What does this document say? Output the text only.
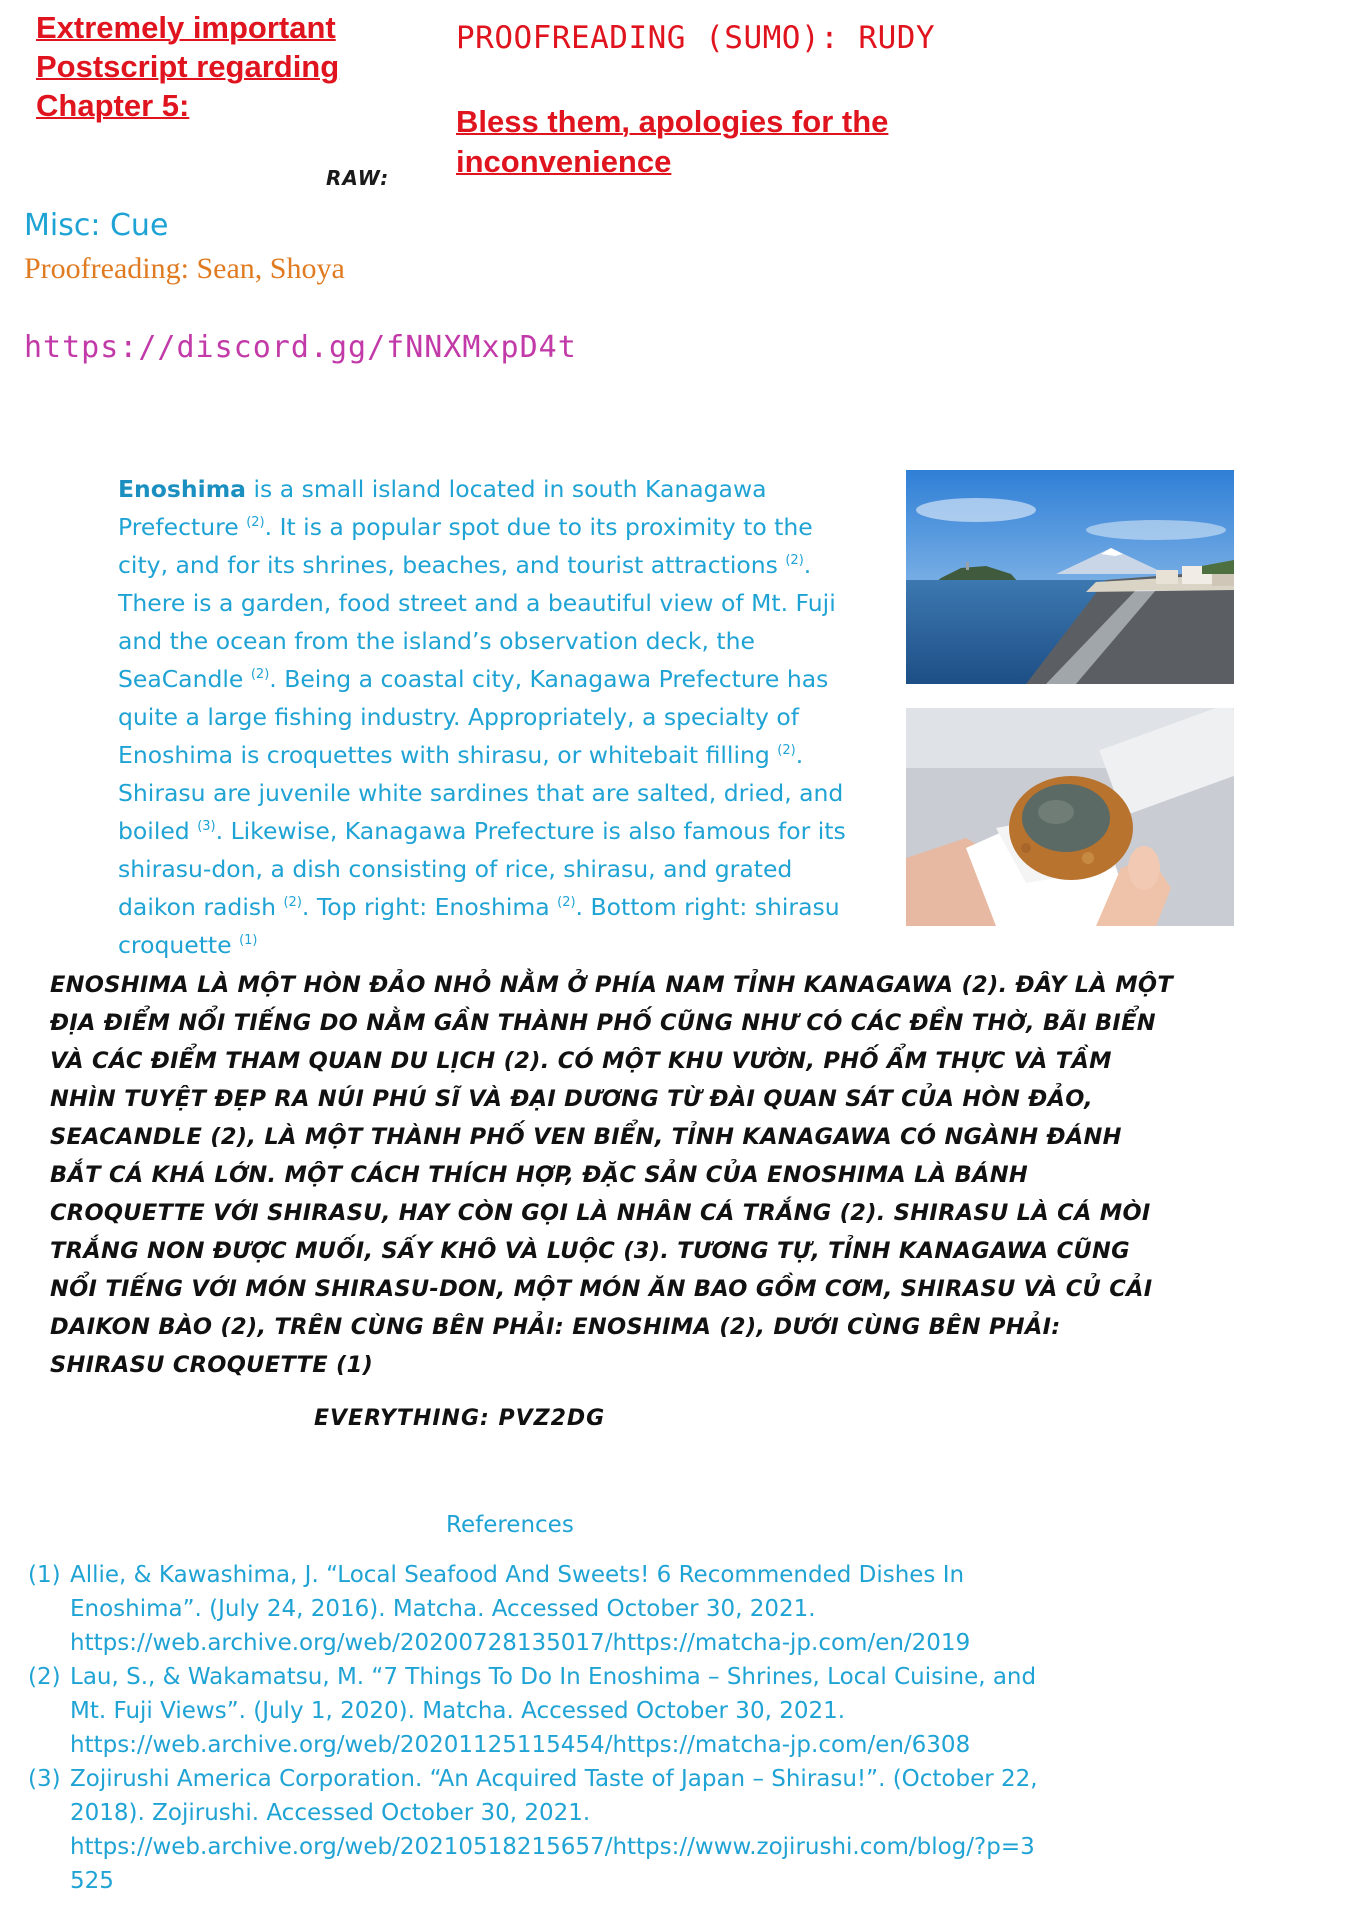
Extremely important Postscript regarding Chapter 5:
PROOFREADING (SUMO): RUDY
Bless them, apologies for the inconvenience
RAW:
Misc: Cue
Proofreading: Sean, Shoya
https://discord.gg/fNNXMxpD4t
Enoshima is a small island located in south Kanagawa Prefecture $^{(2)}$. It is a popular spot due to its proximity to the city, and for its shrines, beaches, and tourist attractions $^{(2)}$. There is a garden, food street and a beautiful view of Mt. Fuji and the ocean from the island’s observation deck, the SeaCandle $^{(2)}$. Being a coastal city, Kanagawa Prefecture has quite a large fishing industry. Appropriately, a specialty of Enoshima is croquettes with shirasu, or whitebait filling $^{(2)}$. Shirasu are juvenile white sardines that are salted, dried, and boiled $^{(3)}$. Likewise, Kanagawa Prefecture is also famous for its shirasu-don, a dish consisting of rice, shirasu, and grated daikon radish $^{(2)}$. Top right: Enoshima $^{(2)}$. Bottom right: shirasu croquette $^{(1)}$
ENOSHIMA LÀ MỘT HÒN ĐẢO NHỎ NẰM Ở PHÍA NAM TỈNH KANAGAWA (2). ĐÂY LÀ MỘT ĐỊA ĐIỂM NỔI TIẾNG DO NẰM GẦN THÀNH PHỐ CŨNG NHƯ CÓ CÁC ĐỀN THỜ, BÃI BIỂN VÀ CÁC ĐIỂM THAM QUAN DU LỊCH (2). CÓ MỘT KHU VƯỜN, PHỐ ẨM THỰC VÀ TẦM NHÌN TUYỆT ĐẸP RA NÚI PHÚ SĨ VÀ ĐẠI DƯƠNG TỪ ĐÀI QUAN SÁT CỦA HÒN ĐẢO, SEACANDLE (2), LÀ MỘT THÀNH PHỐ VEN BIỂN, TỈNH KANAGAWA CÓ NGÀNH ĐÁNH BẮT CÁ KHÁ LỚN. MỘT CÁCH THÍCH HỢP, ĐẶC SẢN CỦA ENOSHIMA LÀ BÁNH CROQUETTE VỚI SHIRASU, HAY CÒN GỌI LÀ NHÂN CÁ TRẮNG (2). SHIRASU LÀ CÁ MÒI TRẮNG NON ĐƯỢC MUỐI, SẤY KHÔ VÀ LUỘC (3). TƯƠNG TỰ, TỈNH KANAGAWA CŨNG NỔI TIẾNG VỚI MÓN SHIRASU-DON, MỘT MÓN ĂN BAO GỒM CƠM, SHIRASU VÀ CỦ CẢI DAIKON BÀO (2), TRÊN CÙNG BÊN PHẢI: ENOSHIMA (2), DƯỚI CÙNG BÊN PHẢI: SHIRASU CROQUETTE (1)
EVERYTHING: PVZ2DG
References
(1) Allie, & Kawashima, J. “Local Seafood And Sweets! 6 Recommended Dishes In Enoshima”. (July 24, 2016). Matcha. Accessed October 30, 2021.
https://web.archive.org/web/20200728135017/https://matcha-jp.com/en/2019
(2) Lau, S., & Wakamatsu, M. “7 Things To Do In Enoshima – Shrines, Local Cuisine, and Mt. Fuji Views”. (July 1, 2020). Matcha. Accessed October 30, 2021.
https://web.archive.org/web/20201125115454/https://matcha-jp.com/en/6308
(3) Zojirushi America Corporation. “An Acquired Taste of Japan – Shirasu!”. (October 22, 2018). Zojirushi. Accessed October 30, 2021.
https://web.archive.org/web/20210518215657/https://www.zojirushi.com/blog/?p=3525
